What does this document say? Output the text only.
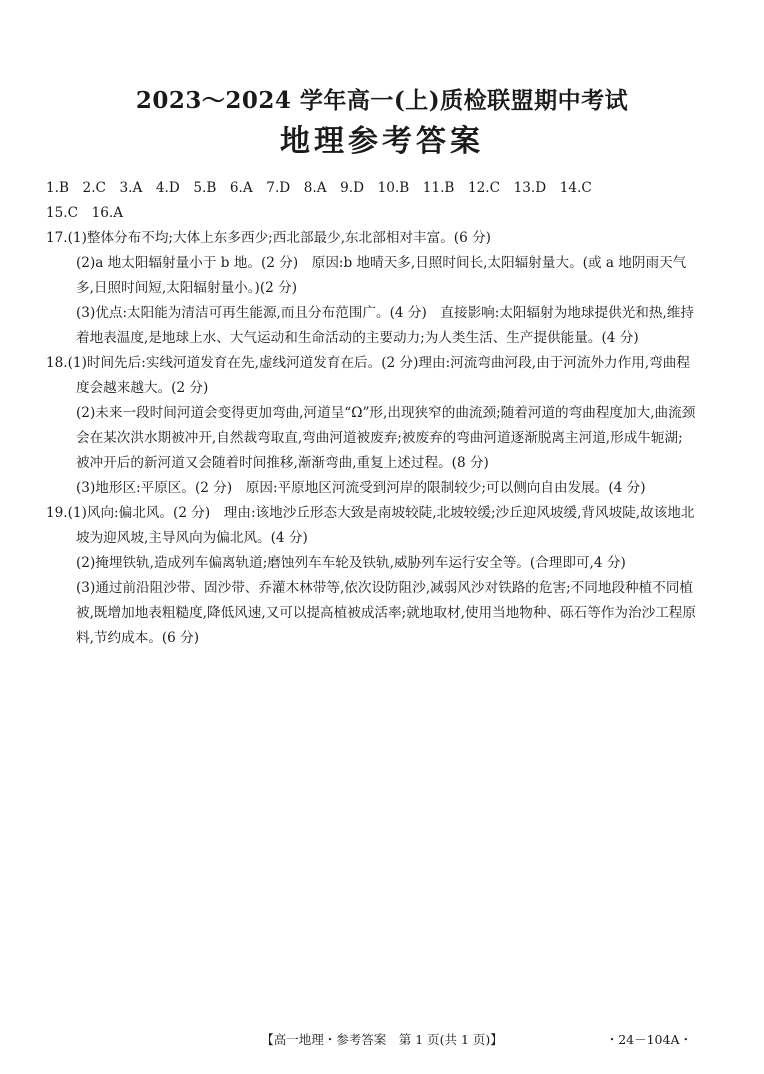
2023～2024 学年高一(上)质检联盟期中考试
地理参考答案
1.B　2.C　3.A　4.D　5.B　6.A　7.D　8.A　9.D　10.B　11.B　12.C　13.D　14.C
15.C　16.A
17.(1)整体分布不均;大体上东多西少;西北部最少,东北部相对丰富。(6 分)
(2)a 地太阳辐射量小于 b 地。(2 分)　原因:b 地晴天多,日照时间长,太阳辐射量大。(或 a 地阴雨天气多,日照时间短,太阳辐射量小。)(2 分)
(3)优点:太阳能为清洁可再生能源,而且分布范围广。(4 分)　直接影响:太阳辐射为地球提供光和热,维持着地表温度,是地球上水、大气运动和生命活动的主要动力;为人类生活、生产提供能量。(4 分)
18.(1)时间先后:实线河道发育在先,虚线河道发育在后。(2 分)理由:河流弯曲河段,由于河流外力作用,弯曲程度会越来越大。(2 分)
(2)未来一段时间河道会变得更加弯曲,河道呈“Ω”形,出现狭窄的曲流颈;随着河道的弯曲程度加大,曲流颈会在某次洪水期被冲开,自然裁弯取直,弯曲河道被废弃;被废弃的弯曲河道逐渐脱离主河道,形成牛轭湖;被冲开后的新河道又会随着时间推移,渐渐弯曲,重复上述过程。(8 分)
(3)地形区:平原区。(2 分)　原因:平原地区河流受到河岸的限制较少;可以侧向自由发展。(4 分)
19.(1)风向:偏北风。(2 分)　理由:该地沙丘形态大致是南坡较陡,北坡较缓;沙丘迎风坡缓,背风坡陡,故该地北坡为迎风坡,主导风向为偏北风。(4 分)
(2)掩埋铁轨,造成列车偏离轨道;磨蚀列车车轮及铁轨,威胁列车运行安全等。(合理即可,4 分)
(3)通过前沿阻沙带、固沙带、乔灌木林带等,依次设防阻沙,减弱风沙对铁路的危害;不同地段种植不同植被,既增加地表粗糙度,降低风速,又可以提高植被成活率;就地取材,使用当地物种、砾石等作为治沙工程原料,节约成本。(6 分)
【高一地理・参考答案　第 1 页(共 1 页)】	・24－104A・
